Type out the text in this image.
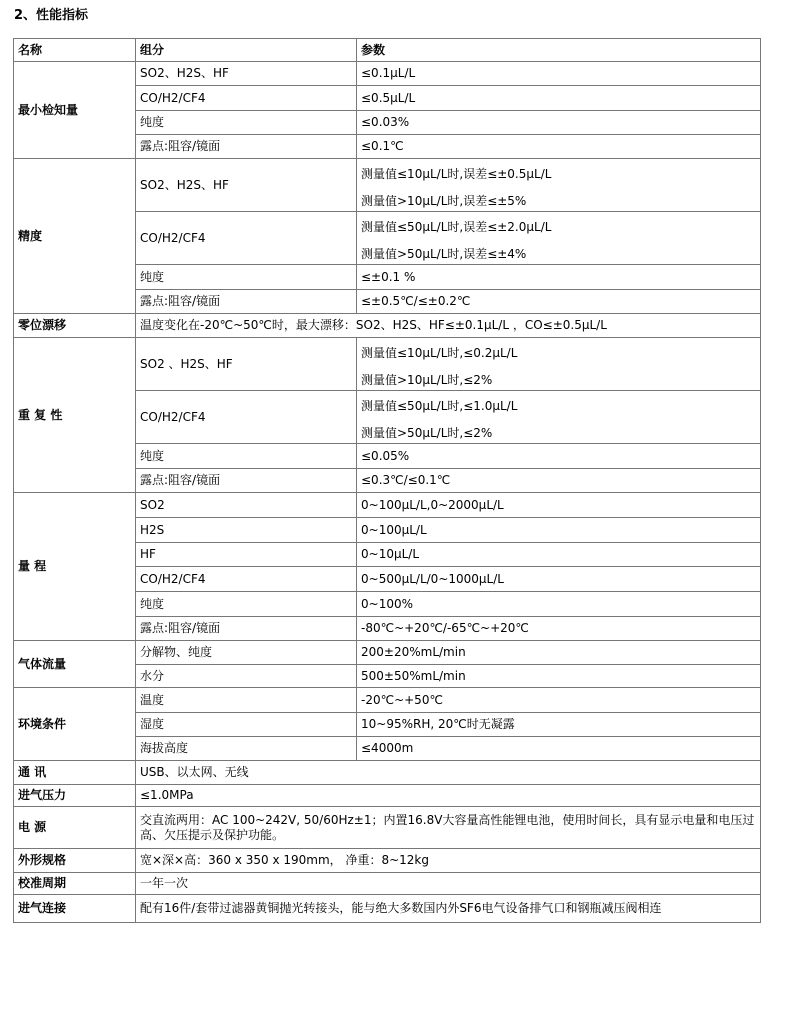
2、性能指标
名称	组分	参数
最小检知量	SO2、H2S、HF	≤0.1μL/L
	CO/H2/CF4	≤0.5μL/L
	纯度	≤0.03%
	露点:阻容/镜面	≤0.1℃
精度	SO2、H2S、HF	测量值≤10μL/L时,误差≤±0.5μL/L
测量值>10μL/L时,误差≤±5%

	CO/H2/CF4	测量值≤50μL/L时,误差≤±2.0μL/L
测量值>50μL/L时,误差≤±4%

	纯度	≤±0.1 %
	露点:阻容/镜面	≤±0.5℃/≤±0.2℃
零位漂移	温度变化在-20℃~50℃时，最大漂移：SO2、H2S、HF≤±0.1μL/L ，CO≤±0.5μL/L	
重 复 性	SO2 、H2S、HF	测量值≤10μL/L时,≤0.2μL/L
测量值>10μL/L时,≤2%

	CO/H2/CF4	测量值≤50μL/L时,≤1.0μL/L
测量值>50μL/L时,≤2%

	纯度	≤0.05%
	露点:阻容/镜面	≤0.3℃/≤0.1℃
量 程	SO2	0~100μL/L,0~2000μL/L
	H2S	0~100μL/L
	HF	0~10μL/L
	CO/H2/CF4	0~500μL/L/0~1000μL/L
	纯度	0~100%
	露点:阻容/镜面	-80℃~+20℃/-65℃~+20℃
气体流量	分解物、纯度	200±20%mL/min
	水分	500±50%mL/min
环境条件	温度	-20℃~+50℃
	湿度	10~95%RH, 20℃时无凝露
	海拔高度	≤4000m
通 讯	USB、以太网、无线	
进气压力	≤1.0MPa	
电 源	交直流两用：AC 100~242V, 50/60Hz±1；内置16.8V大容量高性能锂电池，使用时间长，具有显示电量和电压过高、欠压提示及保护功能。	
外形规格	宽×深×高：360 x 350 x 190mm， 净重：8~12kg	
校准周期	一年一次	
进气连接	配有16件/套带过滤器黄铜抛光转接头，能与绝大多数国内外SF6电气设备排气口和钢瓶减压阀相连	
